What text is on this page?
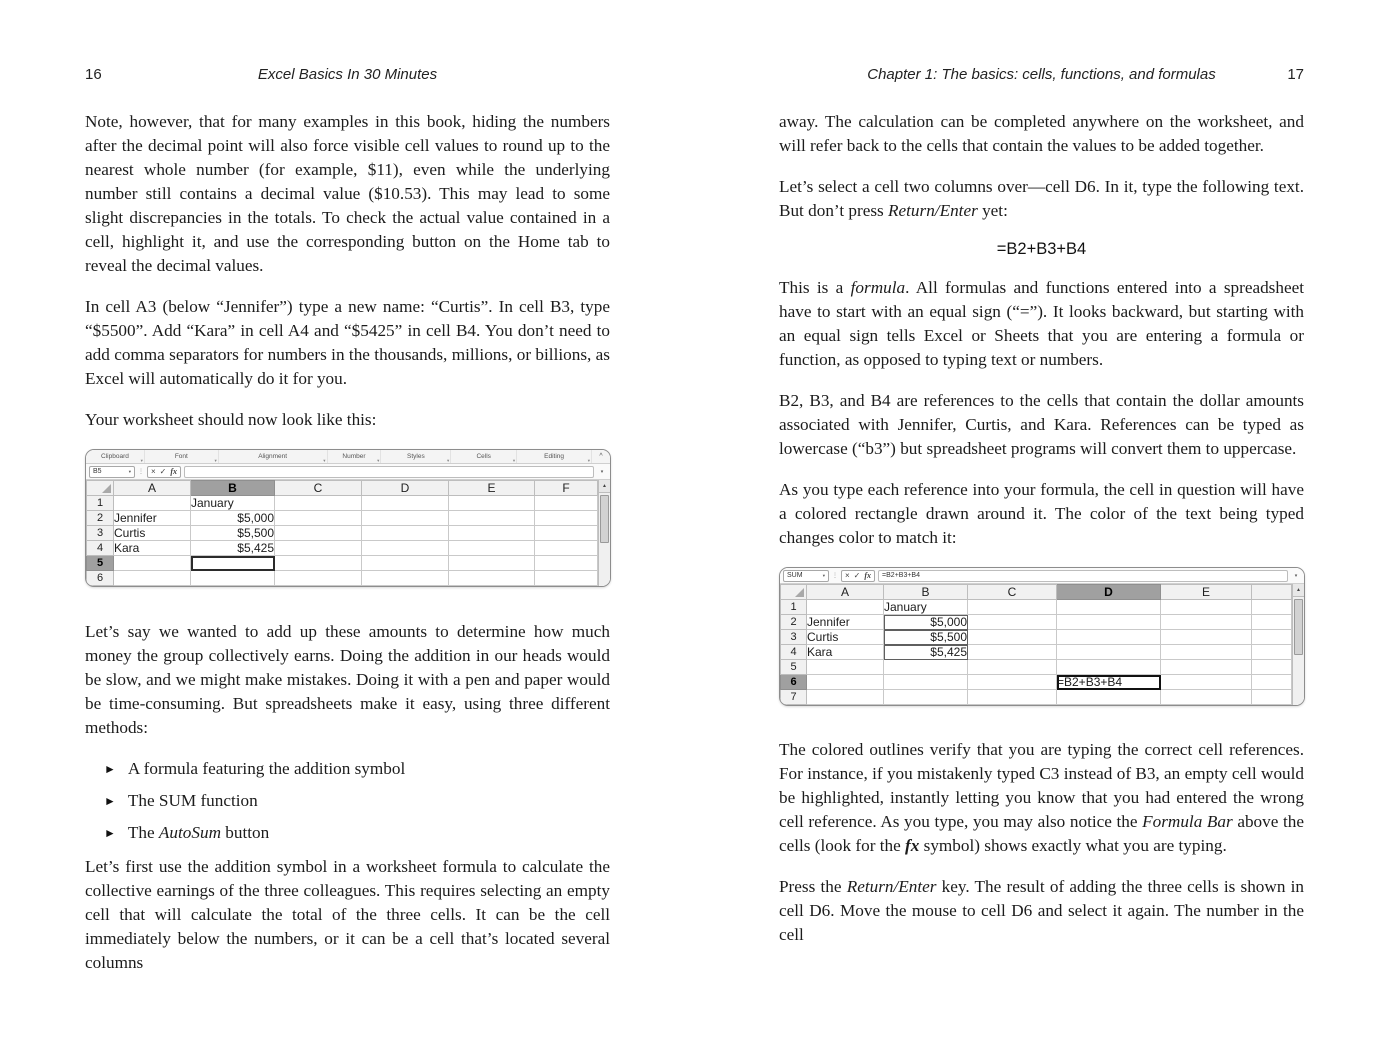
16	Excel Basics In 30 Minutes

Note, however, that for many examples in this book, hiding the numbers after the decimal point will also force visible cell values to round up to the nearest whole number (for example, $11), even while the underlying number still contains a decimal value ($10.53). This may lead to some slight discrepancies in the totals. To check the actual value contained in a cell, highlight it, and use the corresponding button on the Home tab to reveal the decimal values.

In cell A3 (below “Jennifer”) type a new name: “Curtis”. In cell B3, type “$5500”. Add “Kara” in cell A4 and “$5425” in cell B4. You don’t need to add comma separators for numbers in the thousands, millions, or billions, as Excel will automatically do it for you.

Your worksheet should now look like this:

Clipboard
▾
Font
▾
Alignment
▾
Number
▾
Styles
▾
Cells
▾
Editing
▾
^
B5	▾ ⋮ × ✓ fx	▾
	A	B	C	D	E	F
1		January				
2	Jennifer	$5,000				
3	Curtis	$5,500				
4	Kara	$5,425				
5						
6						
▲

Let’s say we wanted to add up these amounts to determine how much money the group collectively earns. Doing the addition in our heads would be slow, and we might make mistakes. Doing it with a pen and paper would be time-consuming. But spreadsheets make it easy, using three different methods:

► A formula featuring the addition symbol
► The SUM function
► The AutoSum button

Let’s first use the addition symbol in a worksheet formula to calculate the collective earnings of the three colleagues. This requires selecting an empty cell that will calculate the total of the three cells. It can be the cell immediately below the numbers, or it can be a cell that’s located several columns

17
Chapter 1: The basics: cells, functions, and formulas

away. The calculation can be completed anywhere on the worksheet, and will refer back to the cells that contain the values to be added together.

Let’s select a cell two columns over—cell D6. In it, type the following text. But don’t press Return/Enter yet:

=B2+B3+B4

This is a formula. All formulas and functions entered into a spreadsheet have to start with an equal sign (“=”). It looks backward, but starting with an equal sign tells Excel or Sheets that you are entering a formula or function, as opposed to typing text or numbers.

B2, B3, and B4 are references to the cells that contain the dollar amounts associated with Jennifer, Curtis, and Kara. References can be typed as lowercase (“b3”) but spreadsheet programs will convert them to uppercase.

As you type each reference into your formula, the cell in question will have a colored rectangle drawn around it. The color of the text being typed changes color to match it:

SUM	▾ ⋮ × ✓ fx	=B2+B3+B4	▾
	A	B	C	D	E	
1		January				
2	Jennifer	$5,000				
3	Curtis	$5,500				
4	Kara	$5,425				
5						
6				=B2+B3+B4		
7						
▲

The colored outlines verify that you are typing the correct cell references. For instance, if you mistakenly typed C3 instead of B3, an empty cell would be highlighted, instantly letting you know that you had entered the wrong cell reference. As you type, you may also notice the Formula Bar above the cells (look for the fx symbol) shows exactly what you are typing.

Press the Return/Enter key. The result of adding the three cells is shown in cell D6. Move the mouse to cell D6 and select it again. The number in the cell
